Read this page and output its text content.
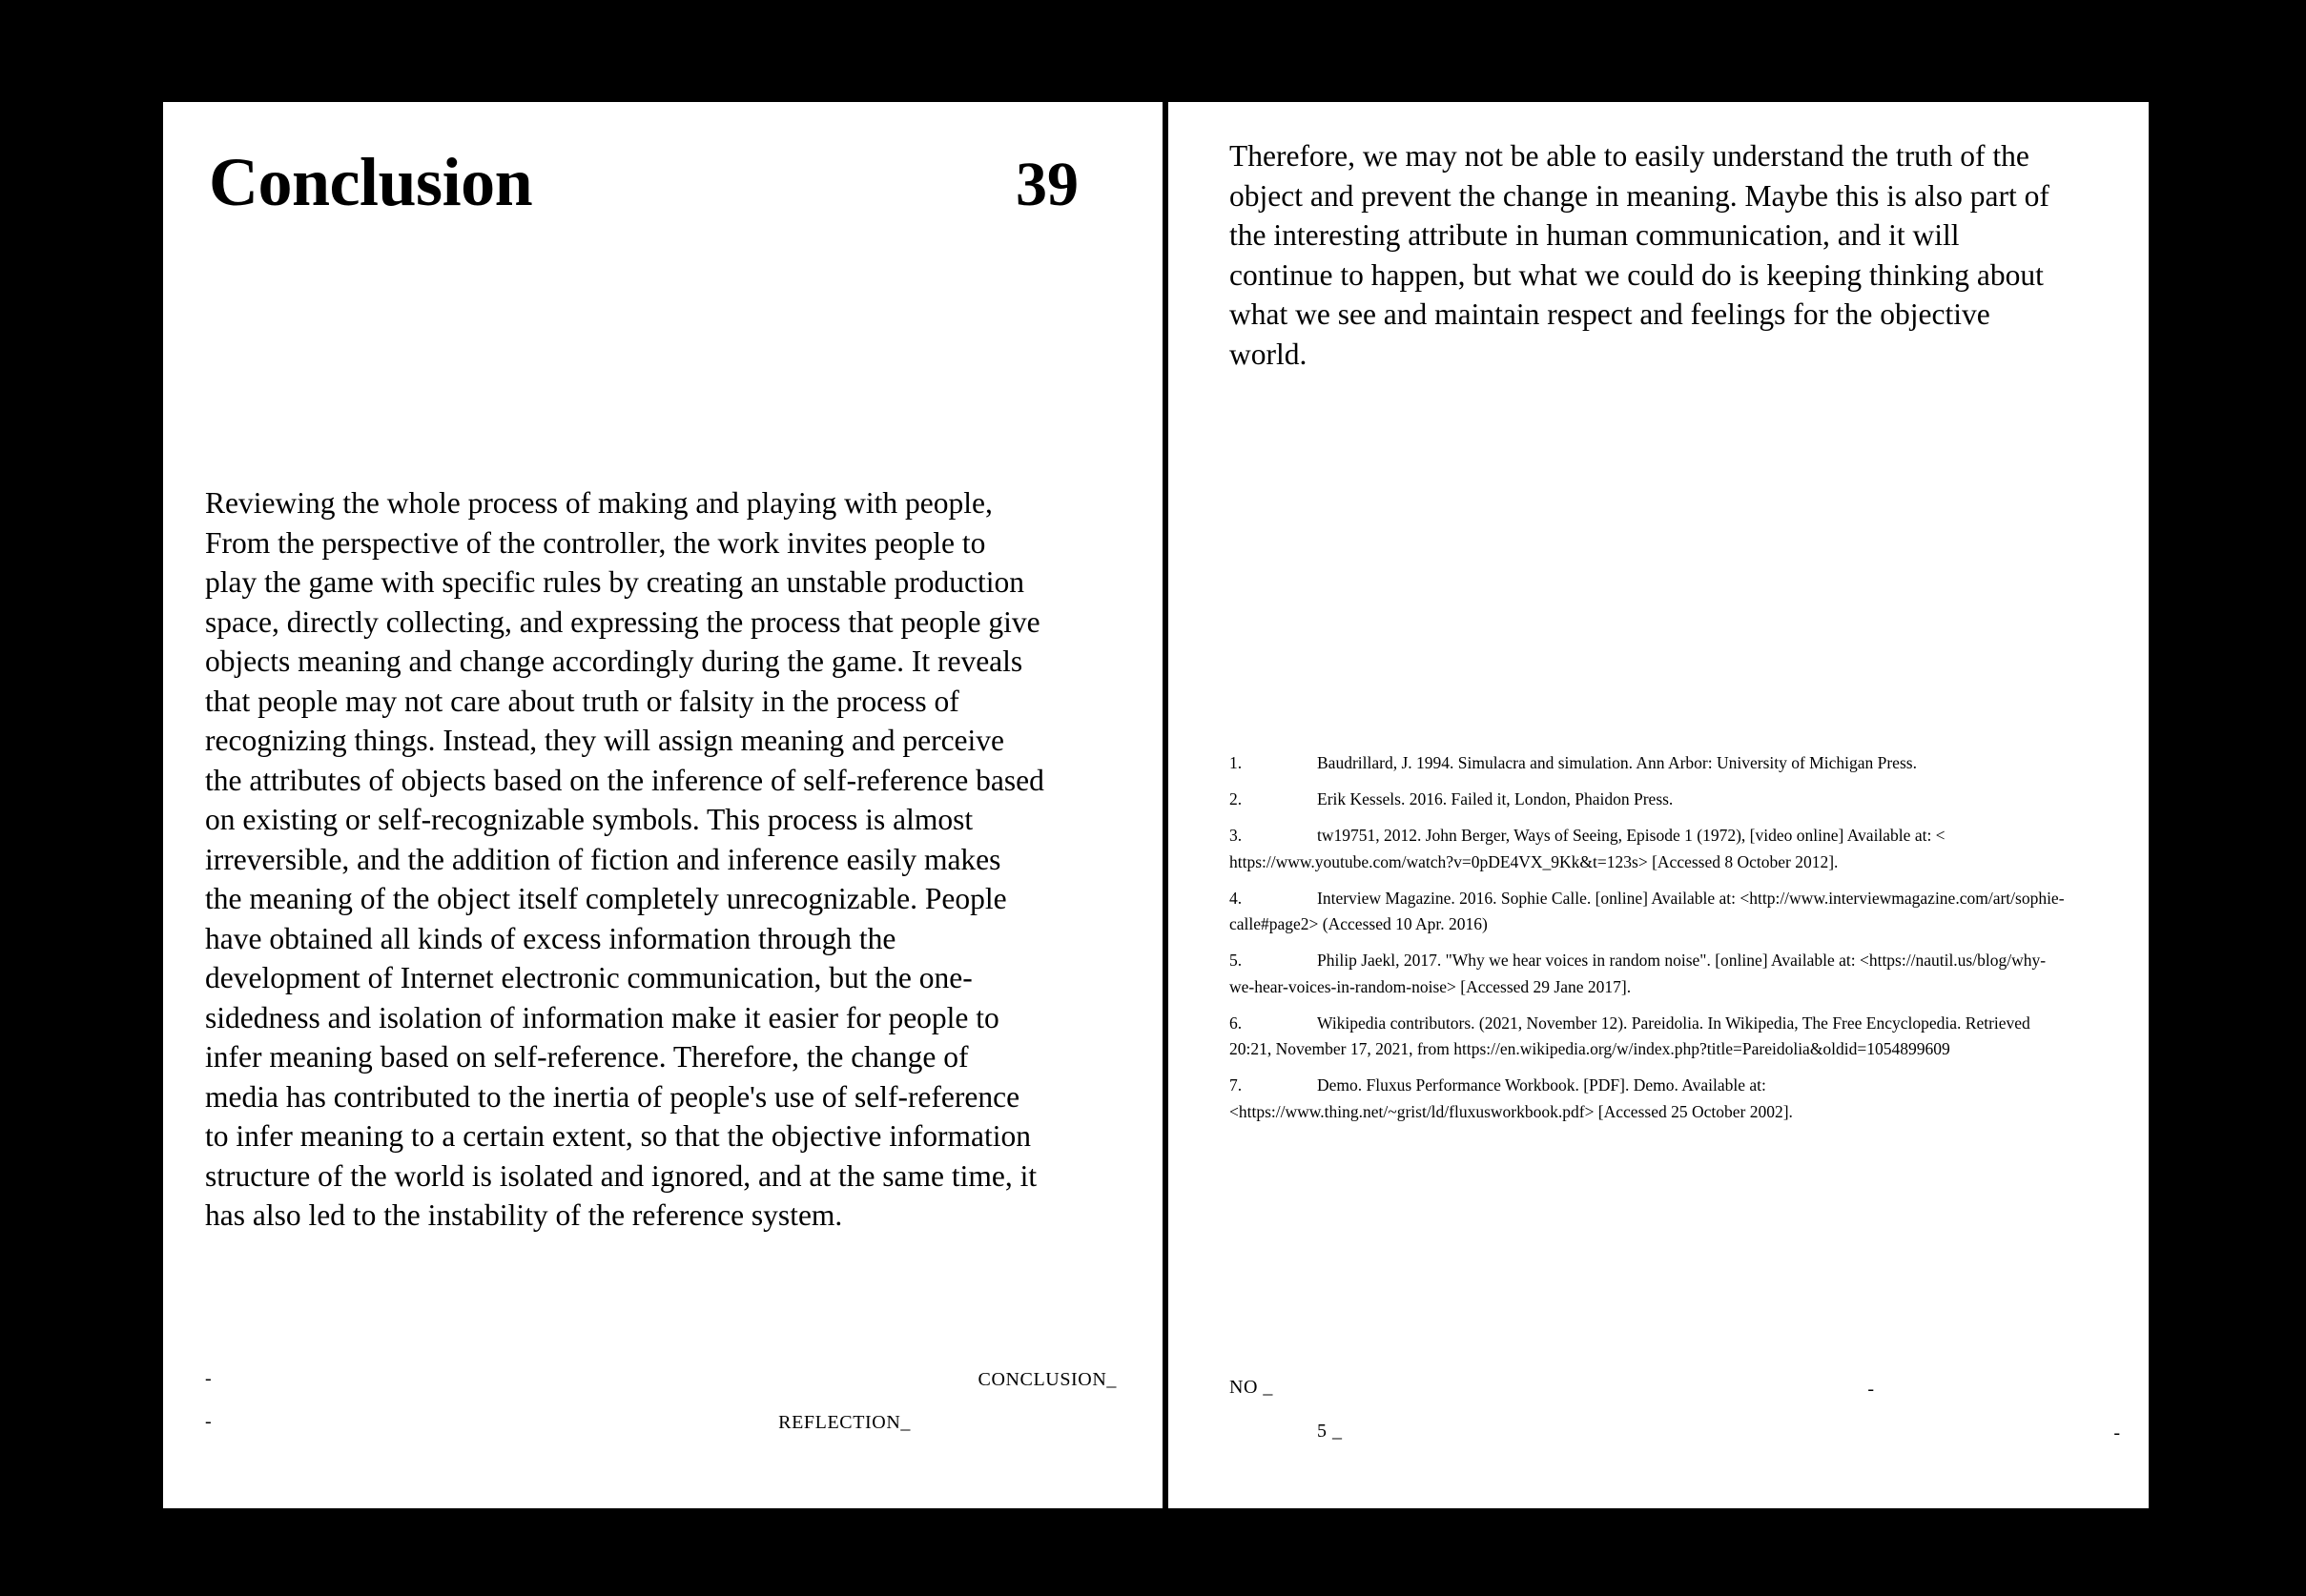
Conclusion	39
Reviewing the whole process of making and playing with people, From the perspective of the controller, the work invites people to play the game with specific rules by creating an unstable production space, directly collecting, and expressing the process that people give objects meaning and change accordingly during the game. It reveals that people may not care about truth or falsity in the process of recognizing things. Instead, they will assign meaning and perceive the attributes of objects based on the inference of self-reference based on existing or self-recognizable symbols. This process is almost irreversible, and the addition of fiction and inference easily makes the meaning of the object itself completely unrecognizable. People have obtained all kinds of excess information through the development of Internet electronic communication, but the one-sidedness and isolation of information make it easier for people to infer meaning based on self-reference. Therefore, the change of media has contributed to the inertia of people's use of self-reference to infer meaning to a certain extent, so that the objective information structure of the world is isolated and ignored, and at the same time, it has also led to the instability of the reference system.
-	CONCLUSION_
-	REFLECTION_
Therefore, we may not be able to easily understand the truth of the object and prevent the change in meaning. Maybe this is also part of the interesting attribute in human communication, and it will continue to happen, but what we could do is keeping thinking about what we see and maintain respect and feelings for the objective world.
1.	Baudrillard, J. 1994. Simulacra and simulation. Ann Arbor: University of Michigan Press.
2.	Erik Kessels. 2016. Failed it, London, Phaidon Press.
3.	tw19751, 2012. John Berger, Ways of Seeing, Episode 1 (1972), [video online] Available at: < https://www.youtube.com/watch?v=0pDE4VX_9Kk&t=123s> [Accessed 8 October 2012].
4.	Interview Magazine. 2016. Sophie Calle. [online] Available at: <http://www.interviewmagazine.com/art/sophie-calle#page2> (Accessed 10 Apr. 2016)
5.	Philip Jaekl, 2017. "Why we hear voices in random noise". [online] Available at: <https://nautil.us/blog/why-we-hear-voices-in-random-noise> [Accessed 29 Jane 2017].
6.	Wikipedia contributors. (2021, November 12). Pareidolia. In Wikipedia, The Free Encyclopedia. Retrieved 20:21, November 17, 2021, from https://en.wikipedia.org/w/index.php?title=Pareidolia&oldid=1054899609
7.	Demo. Fluxus Performance Workbook. [PDF]. Demo. Available at: <https://www.thing.net/~grist/ld/fluxusworkbook.pdf> [Accessed 25 October 2002].
NO _	-
5 _	-
